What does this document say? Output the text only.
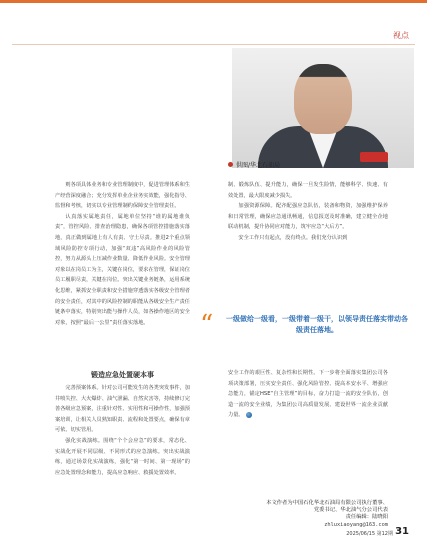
视点
供图/华北石油局

则各项具体业务和专业管理制度中，促进管理体系和生产经营深度融合；充分发挥单业企业务实效能，强化指导、监督和考核，切实以专业管理制约保障安全管理责任。

认真落实属地责任，属地单位坚持“谁的属地谁负责”，管控风险、排查治理隐患，确保各项管控措施落实落地，真正做到属地上有人有责、守土尽责。推进2个重点领域风险防控专项行动，加强“双违”高风险作业的风险管控，努力从源头上压减作业数量、降低作业风险。安全管理对象以在岗员工为主，关键在岗位，要求在管理，保证岗位员工履职尽责，关键在岗位。突出关键业务链条，运用系统化思维，紧抓安全职责和安全措施穿透落实各级安全管理者的安全责任，对其中的风险控制的职能从各级安全生产责任链条中落实，特别突出能与操作人员，如各操作地区的安全对象，按照“最后一公里”责任落实落地。

锻造应急处置硬本事

完善预案体系。针对公司可能发生的各类突发事件，加井喷失控、大火爆炸、油气泄漏、自然灾害等，持续修订完善各级应急预案，注重针对性、实用性和可操作性，加强预案培训，让相关人员熟知职责、流程和处置要点，确保有章可依、切实管用。

强化实战演练。围绕“个个会应急”的要求，常态化、实战化开展不同层级、不同形式的应急演练。突出实战演练，通过场景化实战演练，强化“第一时间、第一现场”的应急处置理念和能力，提高应急响应、救援处置效率。

制、锻炼队伍、提升能力，确保一旦发生险情，能够科学、快速、有效处置，最大限度减少损失。

加强资源保障。配齐配强应急队伍，装备和物资，加强维护保养和日常管理，确保应急通讯畅通，信息报送及时准确，建立健全企地联动机制，提升协同应对能力，筑牢应急“大后方”。

安全工作只有起点，没有终点。我们充分认识到

“ 一级做给一级看，一级带着一级干，以领导责任落实带动各级责任落地。

安全工作的艰巨性、复杂性和长期性。下一步将全面落实集团公司各项决策部署，压实安全责任、强化风险管控、提高本安水平、增强应急能力，锚定HSE“自主管理”的目标，奋力打造一流的安全队伍，创造一流的安全业绩，为集团公司高质量发展、建设世界一流企业贡献力量。

本文作者为中国石化华北石油局有限公司执行董事、
党委书记、华北油气分公司代表
责任编辑：陆晓阳
zhluxiaoyang@163.com
2025/06/15 第12期 31
